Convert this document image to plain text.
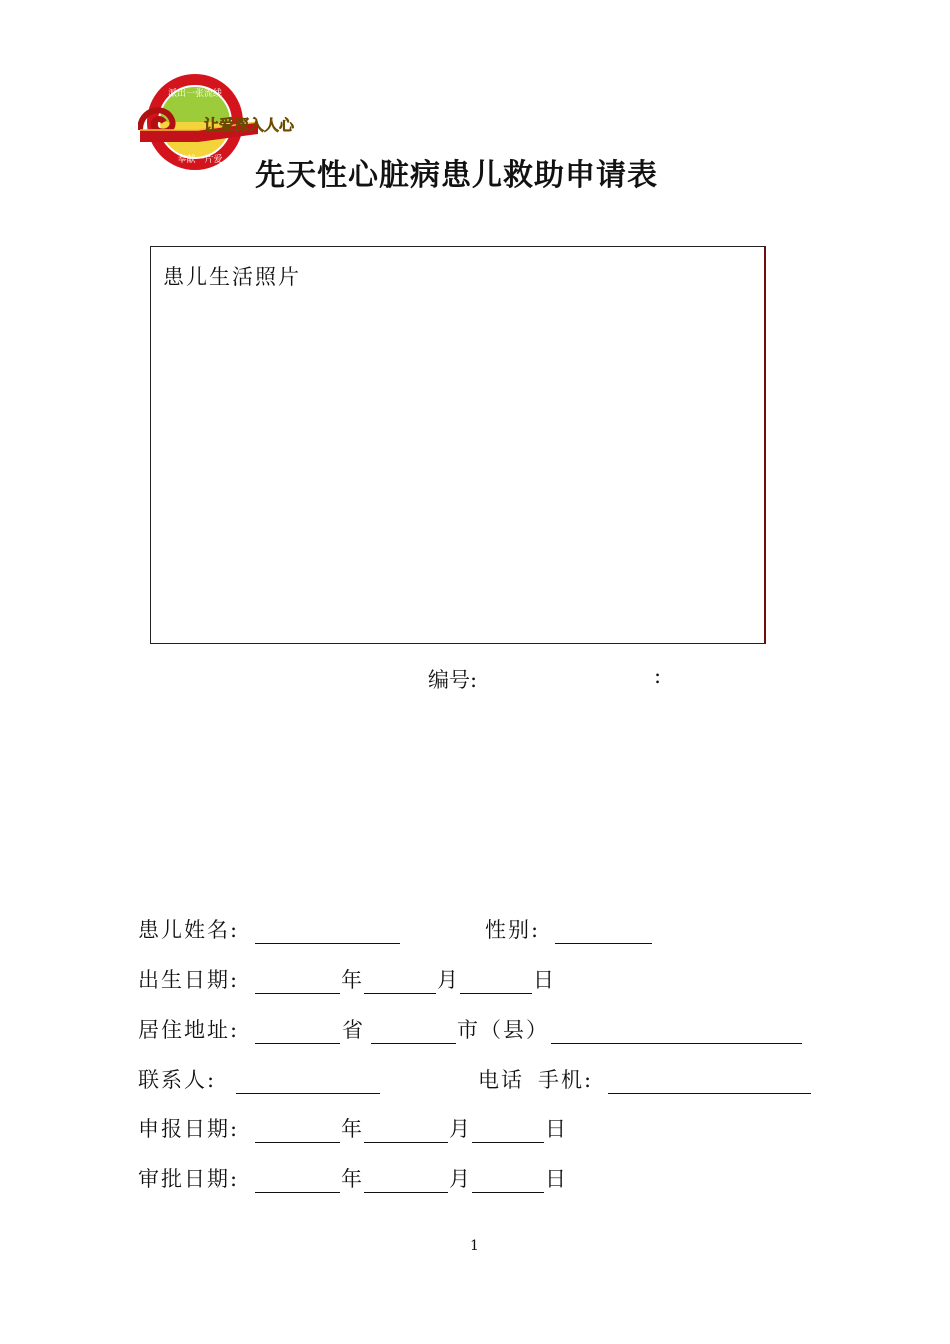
派出一张流线
让爱深入人心
奉献一片爱 先天性心脏病患儿救助申请表
患儿生活照片
编号:	:
患儿姓名:	性别:
出生日期:	年	月	日
居住地址:	省	市（县）
联系人:	电话 手机:
申报日期:	年	月	日
审批日期:	年	月	日
1
